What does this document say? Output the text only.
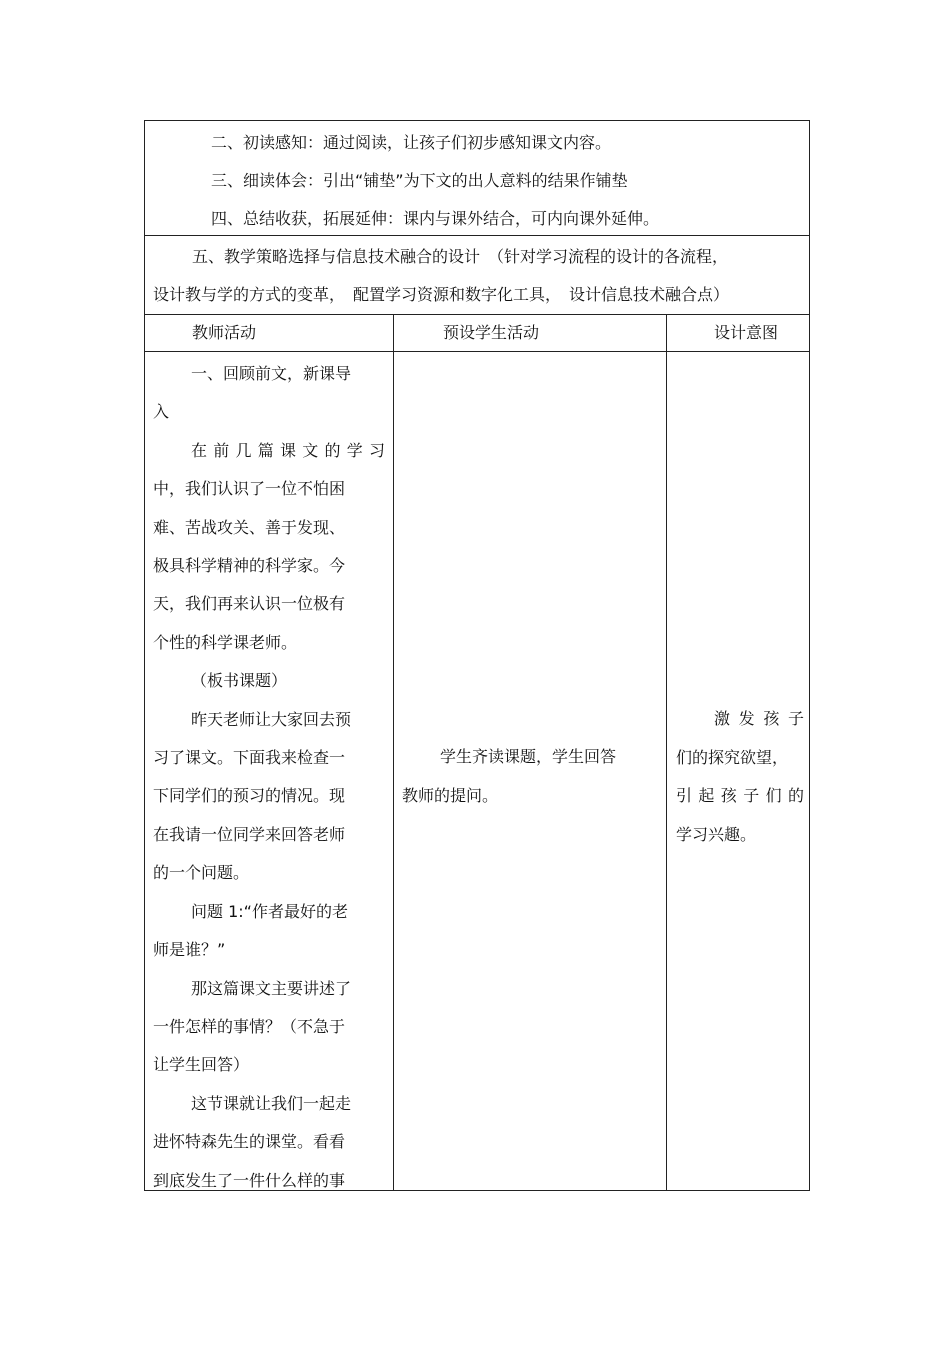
二、初读感知：通过阅读，让孩子们初步感知课文内容。
三、细读体会：引出“铺垫”为下文的出人意料的结果作铺垫
四、总结收获，拓展延伸：课内与课外结合，可内向课外延伸。
五、教学策略选择与信息技术融合的设计　（针对学习流程的设计的各流程，
设计教与学的方式的变革，　配置学习资源和数字化工具，　设计信息技术融合点）
教师活动	预设学生活动	设计意图
一、回顾前文，新课导
入
在前几篇课文的学习
中，我们认识了一位不怕困
难、苦战攻关、善于发现、
极具科学精神的科学家。今
天，我们再来认识一位极有
个性的科学课老师。
（板书课题）
昨天老师让大家回去预
习了课文。下面我来检查一
下同学们的预习的情况。现
在我请一位同学来回答老师
的一个问题。
问题 1:“作者最好的老
师是谁？”
那这篇课文主要讲述了
一件怎样的事情？（不急于
让学生回答）
这节课就让我们一起走
进怀特森先生的课堂。看看
到底发生了一件什么样的事
学生齐读课题，学生回答
教师的提问。
激发孩子
们的探究欲望，
引起孩子们的
学习兴趣。
